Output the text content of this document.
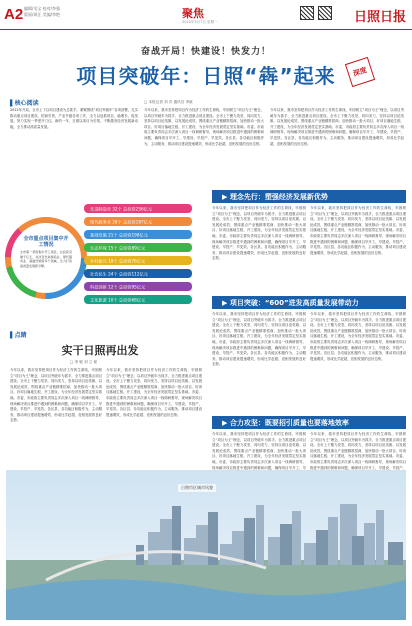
A2 编辑/毛宝 校对/李强
版面/周汪 美编/李艳	聚焦
2022年3月7日 星期一	日照日报
奋战开局！快建设！快发力！
项目突破年：日照“犇”起来	深度
▌核心阅读	□ 本报记者 刘 洋 通讯员 李斌
2022年开局，全市上下以项目建设为总抓手，紧紧围绕“项目突破年”各项部署，扎实推动重点项目建设、招商引资、产业升级各项工作，全力以赴抓项目、稳增长、促发展，努力实现一季度开门红。新的一年，日照以项目为引领，不断激发经济发展新动能，全力推动高质量发展。
今年以来，我市坚持把项目作为经济工作的生命线，牢固树立“项目为王”理念，以项目突破年为抓手，全力推进重点项目建设。全市上下聚力攻坚、同向发力，坚持以项目论英雄、以发展论成效，围绕重点产业链精准招商，加快推动一批大项目、好项目落地生根、开工建设，为全年经济发展奠定坚实基础。市委、市政府主要负责同志多次深入项目一线调研督导，现场解决项目推进中遇到的困难和问题，确保项目早开工、早建设、早投产、早见效。各区县、各功能区积极作为，主动服务，推动项目建设提速增效，形成比学赶超、竞相发展的良好态势。
今年以来，我市坚持把项目作为经济工作的生命线，牢固树立“项目为王”理念，以项目突破年为抓手，全力推进重点项目建设。全市上下聚力攻坚、同向发力，坚持以项目论英雄、以发展论成效，围绕重点产业链精准招商，加快推动一批大项目、好项目落地生根、开工建设，为全年经济发展奠定坚实基础。市委、市政府主要负责同志多次深入项目一线调研督导，现场解决项目推进中遇到的困难和问题，确保项目早开工、早建设、早投产、早见效。各区县、各功能区积极作为，主动服务，推动项目建设提速增效，形成比学赶超、竞相发展的良好态势。
先进制造业 32个 总投资256亿元
现代服务业 28个 总投资187亿元
基础设施 21个 总投资198亿元
生态环保 15个 总投资89亿元
乡村振兴 18个 总投资76亿元
社会民生 24个 总投资112亿元
科技创新 12个 总投资95亿元
文化旅游 10个 总投资68亿元
全市重点项目集中开工情况
全市第一季度集中开工项目，总投资突破千亿元，共涉及先进制造业、现代服务业、基础设施等多个领域，全力打造高质量发展新引擎。
▌点睛
实干日照再出发
□ 李 敏 刘 立 豪
今年以来，我市坚持把项目作为经济工作的生命线，牢固树立“项目为王”理念，以项目突破年为抓手，全力推进重点项目建设。全市上下聚力攻坚、同向发力，坚持以项目论英雄、以发展论成效，围绕重点产业链精准招商，加快推动一批大项目、好项目落地生根、开工建设，为全年经济发展奠定坚实基础。市委、市政府主要负责同志多次深入项目一线调研督导，现场解决项目推进中遇到的困难和问题，确保项目早开工、早建设、早投产、早见效。各区县、各功能区积极作为，主动服务，推动项目建设提速增效，形成比学赶超、竞相发展的良好态势。
今年以来，我市坚持把项目作为经济工作的生命线，牢固树立“项目为王”理念，以项目突破年为抓手，全力推进重点项目建设。全市上下聚力攻坚、同向发力，坚持以项目论英雄、以发展论成效，围绕重点产业链精准招商，加快推动一批大项目、好项目落地生根、开工建设，为全年经济发展奠定坚实基础。市委、市政府主要负责同志多次深入项目一线调研督导，现场解决项目推进中遇到的困难和问题，确保项目早开工、早建设、早投产、早见效。各区县、各功能区积极作为，主动服务，推动项目建设提速增效，形成比学赶超、竞相发展的良好态势。
▶ 理念先行：塑强经济发展新优势
今年以来，我市坚持把项目作为经济工作的生命线，牢固树立“项目为王”理念，以项目突破年为抓手，全力推进重点项目建设。全市上下聚力攻坚、同向发力，坚持以项目论英雄、以发展论成效，围绕重点产业链精准招商，加快推动一批大项目、好项目落地生根、开工建设，为全年经济发展奠定坚实基础。市委、市政府主要负责同志多次深入项目一线调研督导，现场解决项目推进中遇到的困难和问题，确保项目早开工、早建设、早投产、早见效。各区县、各功能区积极作为，主动服务，推动项目建设提速增效，形成比学赶超、竞相发展的良好态势。
今年以来，我市坚持把项目作为经济工作的生命线，牢固树立“项目为王”理念，以项目突破年为抓手，全力推进重点项目建设。全市上下聚力攻坚、同向发力，坚持以项目论英雄、以发展论成效，围绕重点产业链精准招商，加快推动一批大项目、好项目落地生根、开工建设，为全年经济发展奠定坚实基础。市委、市政府主要负责同志多次深入项目一线调研督导，现场解决项目推进中遇到的困难和问题，确保项目早开工、早建设、早投产、早见效。各区县、各功能区积极作为，主动服务，推动项目建设提速增效，形成比学赶超、竞相发展的良好态势。
▶ 项目突破：“600”进发高质量发展带动力
今年以来，我市坚持把项目作为经济工作的生命线，牢固树立“项目为王”理念，以项目突破年为抓手，全力推进重点项目建设。全市上下聚力攻坚、同向发力，坚持以项目论英雄、以发展论成效，围绕重点产业链精准招商，加快推动一批大项目、好项目落地生根、开工建设，为全年经济发展奠定坚实基础。市委、市政府主要负责同志多次深入项目一线调研督导，现场解决项目推进中遇到的困难和问题，确保项目早开工、早建设、早投产、早见效。各区县、各功能区积极作为，主动服务，推动项目建设提速增效，形成比学赶超、竞相发展的良好态势。
今年以来，我市坚持把项目作为经济工作的生命线，牢固树立“项目为王”理念，以项目突破年为抓手，全力推进重点项目建设。全市上下聚力攻坚、同向发力，坚持以项目论英雄、以发展论成效，围绕重点产业链精准招商，加快推动一批大项目、好项目落地生根、开工建设，为全年经济发展奠定坚实基础。市委、市政府主要负责同志多次深入项目一线调研督导，现场解决项目推进中遇到的困难和问题，确保项目早开工、早建设、早投产、早见效。各区县、各功能区积极作为，主动服务，推动项目建设提速增效，形成比学赶超、竞相发展的良好态势。
▶ 合力攻坚：既要招引质量也要落地效率
今年以来，我市坚持把项目作为经济工作的生命线，牢固树立“项目为王”理念，以项目突破年为抓手，全力推进重点项目建设。全市上下聚力攻坚、同向发力，坚持以项目论英雄、以发展论成效，围绕重点产业链精准招商，加快推动一批大项目、好项目落地生根、开工建设，为全年经济发展奠定坚实基础。市委、市政府主要负责同志多次深入项目一线调研督导，现场解决项目推进中遇到的困难和问题，确保项目早开工、早
今年以来，我市坚持把项目作为经济工作的生命线，牢固树立“项目为王”理念，以项目突破年为抓手，全力推进重点项目建设。全市上下聚力攻坚、同向发力，坚持以项目论英雄、以发展论成效，围绕重点产业链精准招商，加快推动一批大项目、好项目落地生根、开工建设，为全年经济发展奠定坚实基础。市委、市政府主要负责同志多次深入项目一线调研督导，现场解决项目推进中遇到的困难和问题，确保项目早开工、早建设、早投产、
日照市区城市风貌
